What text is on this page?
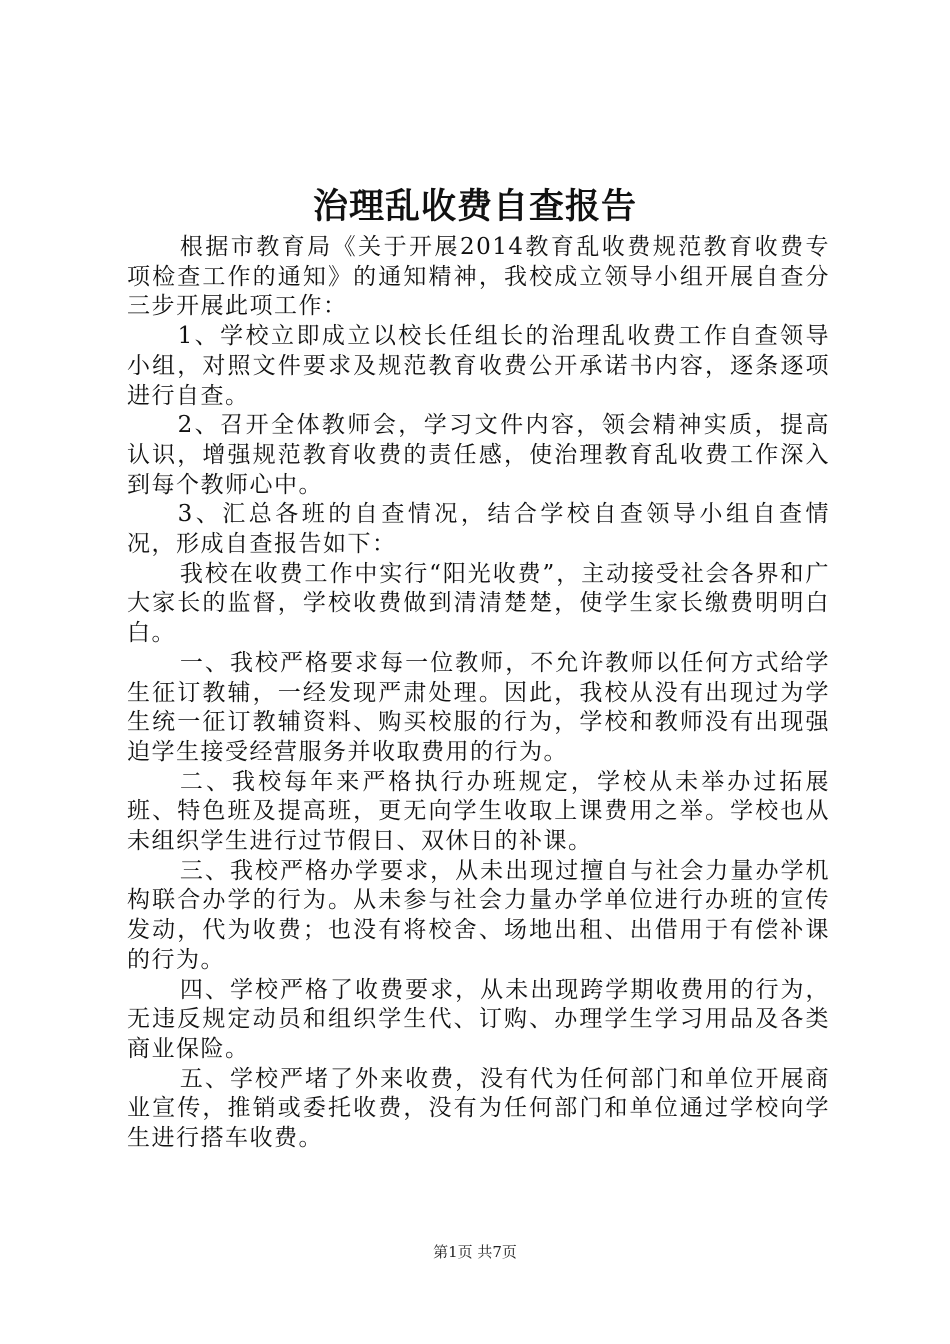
治理乱收费自查报告

根据市教育局《关于开展2014教育乱收费规范教育收费专项检查工作的通知》的通知精神，我校成立领导小组开展自查分三步开展此项工作：

1、学校立即成立以校长任组长的治理乱收费工作自查领导小组，对照文件要求及规范教育收费公开承诺书内容，逐条逐项进行自查。

2、召开全体教师会，学习文件内容，领会精神实质，提高认识，增强规范教育收费的责任感，使治理教育乱收费工作深入到每个教师心中。

3、汇总各班的自查情况，结合学校自查领导小组自查情况，形成自查报告如下：

我校在收费工作中实行“阳光收费”，主动接受社会各界和广大家长的监督，学校收费做到清清楚楚，使学生家长缴费明明白白。

一、我校严格要求每一位教师，不允许教师以任何方式给学生征订教辅，一经发现严肃处理。因此，我校从没有出现过为学生统一征订教辅资料、购买校服的行为，学校和教师没有出现强迫学生接受经营服务并收取费用的行为。

二、我校每年来严格执行办班规定，学校从未举办过拓展班、特色班及提高班，更无向学生收取上课费用之举。学校也从未组织学生进行过节假日、双休日的补课。

三、我校严格办学要求，从未出现过擅自与社会力量办学机构联合办学的行为。从未参与社会力量办学单位进行办班的宣传发动，代为收费；也没有将校舍、场地出租、出借用于有偿补课的行为。

四、学校严格了收费要求，从未出现跨学期收费用的行为，无违反规定动员和组织学生代、订购、办理学生学习用品及各类商业保险。

五、学校严堵了外来收费，没有代为任何部门和单位开展商业宣传，推销或委托收费，没有为任何部门和单位通过学校向学生进行搭车收费。

第1页 共7页
